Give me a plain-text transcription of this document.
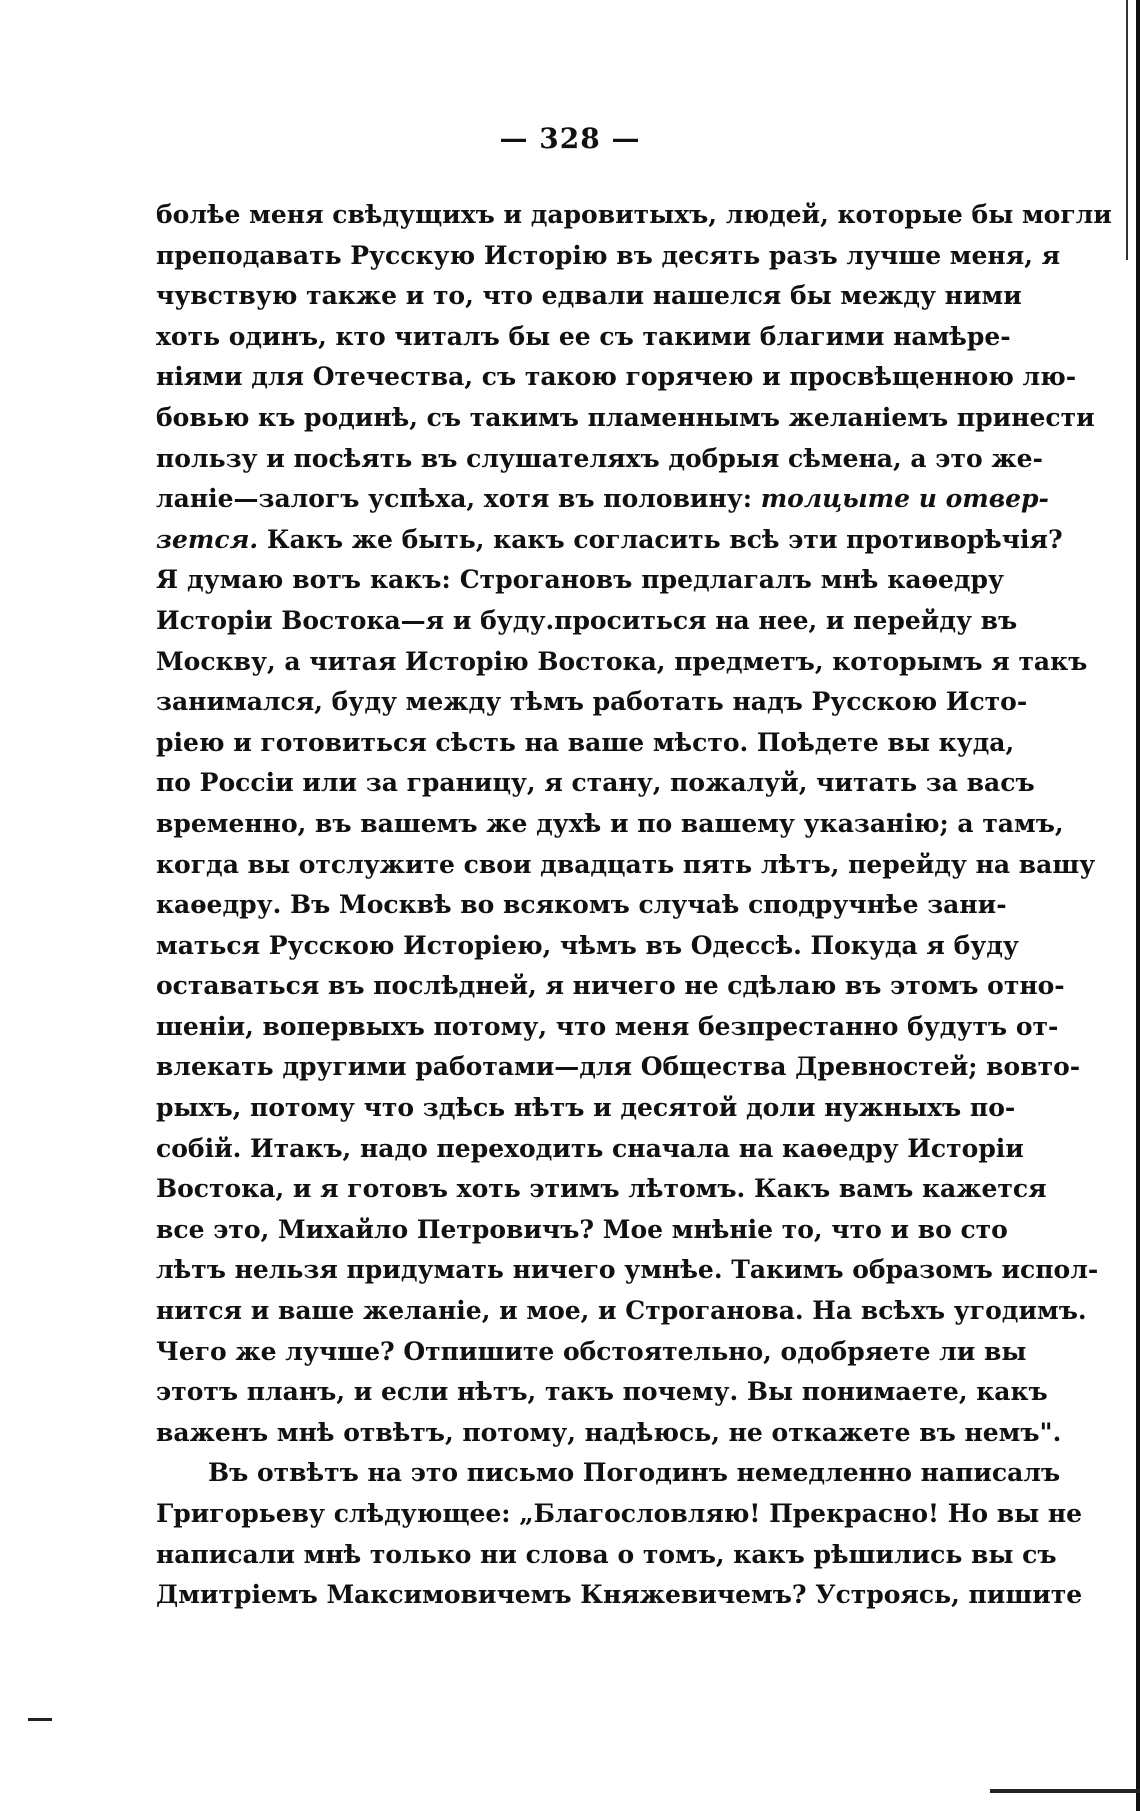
— 328 —
болѣе меня свѣдущихъ и даровитыхъ, людей, которые бы могли
преподавать Русскую Исторію въ десять разъ лучше меня, я
чувствую также и то, что едвали нашелся бы между ними
хоть одинъ, кто читалъ бы ее съ такими благими намѣре-
ніями для Отечества, съ такою горячею и просвѣщенною лю-
бовью къ родинѣ, съ такимъ пламеннымъ желаніемъ принести
пользу и посѣять въ слушателяхъ добрыя сѣмена, а это же-
ланіе—залогъ успѣха, хотя въ половину: толцыте и отвер-
зется. Какъ же быть, какъ согласить всѣ эти противорѣчія?
Я думаю вотъ какъ: Строгановъ предлагалъ мнѣ каѳедру
Исторіи Востока—я и буду.проситься на нее, и перейду въ
Москву, а читая Исторію Востока, предметъ, которымъ я такъ
занимался, буду между тѣмъ работать надъ Русскою Исто-
ріею и готовиться сѣсть на ваше мѣсто. Поѣдете вы куда,
по Россіи или за границу, я стану, пожалуй, читать за васъ
временно, въ вашемъ же духѣ и по вашему указанію; а тамъ,
когда вы отслужите свои двадцать пять лѣтъ, перейду на вашу
каѳедру. Въ Москвѣ во всякомъ случаѣ сподручнѣе зани-
маться Русскою Исторіею, чѣмъ въ Одессѣ. Покуда я буду
оставаться въ послѣдней, я ничего не сдѣлаю въ этомъ отно-
шеніи, вопервыхъ потому, что меня безпрестанно будутъ от-
влекать другими работами—для Общества Древностей; вовто-
рыхъ, потому что здѣсь нѣтъ и десятой доли нужныхъ по-
собій. Итакъ, надо переходить сначала на каѳедру Исторіи
Востока, и я готовъ хоть этимъ лѣтомъ. Какъ вамъ кажется
все это, Михайло Петровичъ? Мое мнѣніе то, что и во сто
лѣтъ нельзя придумать ничего умнѣе. Такимъ образомъ испол-
нится и ваше желаніе, и мое, и Строганова. На всѣхъ угодимъ.
Чего же лучше? Отпишите обстоятельно, одобряете ли вы
этотъ планъ, и если нѣтъ, такъ почему. Вы понимаете, какъ
важенъ мнѣ отвѣтъ, потому, надѣюсь, не откажете въ немъ".
Въ отвѣтъ на это письмо Погодинъ немедленно написалъ
Григорьеву слѣдующее: „Благословляю! Прекрасно! Но вы не
написали мнѣ только ни слова о томъ, какъ рѣшились вы съ
Дмитріемъ Максимовичемъ Княжевичемъ? Устроясь, пишите
